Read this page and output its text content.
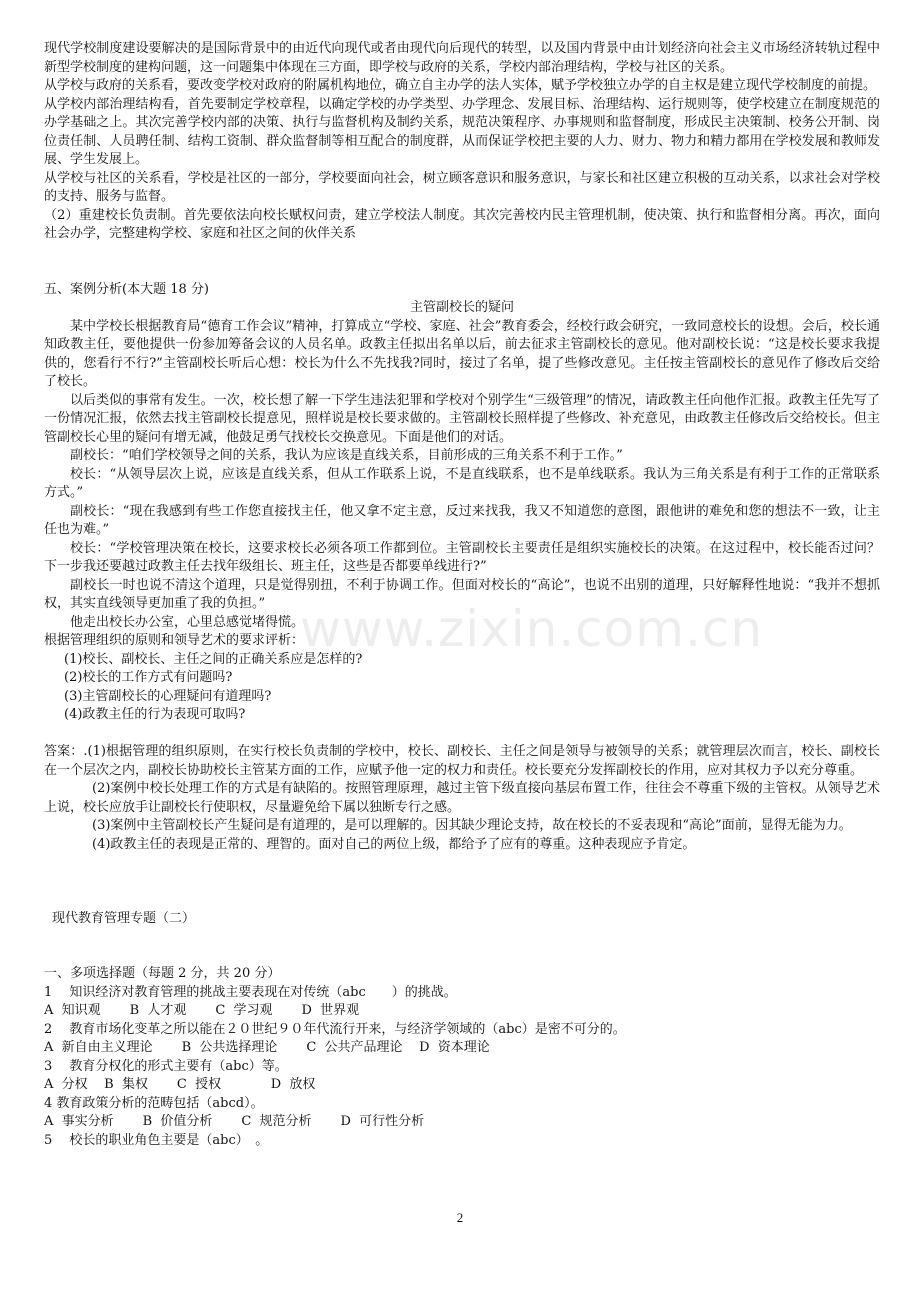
现代学校制度建设要解决的是国际背景中的由近代向现代或者由现代向后现代的转型，以及国内背景中由计划经济向社会主义市场经济转轨过程中新型学校制度的建构问题，这一问题集中体现在三方面，即学校与政府的关系，学校内部治理结构，学校与社区的关系。

从学校与政府的关系看，要改变学校对政府的附属机构地位，确立自主办学的法人实体，赋予学校独立办学的自主权是建立现代学校制度的前提。

从学校内部治理结构看，首先要制定学校章程，以确定学校的办学类型、办学理念、发展目标、治理结构、运行规则等，使学校建立在制度规范的办学基础之上。其次完善学校内部的决策、执行与监督机构及制约关系，规范决策程序、办事规则和监督制度，形成民主决策制、校务公开制、岗位责任制、人员聘任制、结构工资制、群众监督制等相互配合的制度群，从而保证学校把主要的人力、财力、物力和精力都用在学校发展和教师发展、学生发展上。

从学校与社区的关系看，学校是社区的一部分，学校要面向社会，树立顾客意识和服务意识，与家长和社区建立积极的互动关系，以求社会对学校的支持、服务与监督。

（2）重建校长负责制。首先要依法向校长赋权问责，建立学校法人制度。其次完善校内民主管理机制，使决策、执行和监督相分离。再次，面向社会办学，完整建构学校、家庭和社区之间的伙伴关系

五、案例分析(本大题 18 分)

主管副校长的疑问

某中学校长根据教育局“德育工作会议”精神，打算成立“学校、家庭、社会”教育委会，经校行政会研究，一致同意校长的设想。会后，校长通知政教主任，要他提供一份参加筹备会议的人员名单。政教主任拟出名单以后，前去征求主管副校长的意见。他对副校长说：“这是校长要求我提供的，您看行不行?”主管副校长听后心想：校长为什么不先找我?同时，接过了名单，提了些修改意见。主任按主管副校长的意见作了修改后交给了校长。

以后类似的事常有发生。一次，校长想了解一下学生违法犯罪和学校对个别学生“三级管理”的情况，请政教主任向他作汇报。政教主任先写了一份情况汇报，依然去找主管副校长提意见，照样说是校长要求做的。主管副校长照样提了些修改、补充意见，由政教主任修改后交给校长。但主管副校长心里的疑问有增无减，他鼓足勇气找校长交换意见。下面是他们的对话。

副校长：“咱们学校领导之间的关系，我认为应该是直线关系，目前形成的三角关系不利于工作。”

校长：“从领导层次上说，应该是直线关系，但从工作联系上说，不是直线联系，也不是单线联系。我认为三角关系是有利于工作的正常联系方式。”

副校长：“现在我感到有些工作您直接找主任，他又拿不定主意，反过来找我，我又不知道您的意图，跟他讲的难免和您的想法不一致，让主任也为难。”

校长：“学校管理决策在校长，这要求校长必须各项工作都到位。主管副校长主要责任是组织实施校长的决策。在这过程中，校长能否过问？下一步我还要越过政教主任去找年级组长、班主任，这些是否都要单线进行?”

副校长一时也说不清这个道理，只是觉得别扭，不利于协调工作。但面对校长的“高论”，也说不出别的道理，只好解释性地说：“我并不想抓权，其实直线领导更加重了我的负担。”

他走出校长办公室，心里总感觉堵得慌。

根据管理组织的原则和领导艺术的要求评析：

(1)校长、副校长、主任之间的正确关系应是怎样的?

(2)校长的工作方式有问题吗?

(3)主管副校长的心理疑问有道理吗?

(4)政教主任的行为表现可取吗?

答案：.(1)根据管理的组织原则，在实行校长负责制的学校中，校长、副校长、主任之间是领导与被领导的关系；就管理层次而言，校长、副校长在一个层次之内，副校长协助校长主管某方面的工作，应赋予他一定的权力和责任。校长要充分发挥副校长的作用，应对其权力予以充分尊重。

(2)案例中校长处理工作的方式是有缺陷的。按照管理原理，越过主管下级直接向基层布置工作，往往会不尊重下级的主管权。从领导艺术上说，校长应放手让副校长行使职权，尽量避免给下属以独断专行之感。

(3)案例中主管副校长产生疑问是有道理的，是可以理解的。因其缺少理论支持，故在校长的不妥表现和“高论”面前，显得无能为力。

(4)政教主任的表现是正常的、理智的。面对自己的两位上级，都给予了应有的尊重。这种表现应予肯定。

现代教育管理专题（二）

一、多项选择题（每题 2 分，共 20 分）

1　 知识经济对教育管理的挑战主要表现在对传统（abc　　）的挑战。

A  知识观       B  人才观       C  学习观       D  世界观

2　 教育市场化变革之所以能在２０世纪９０年代流行开来，与经济学领域的（abc）是密不可分的。

A  新自由主义理论       B  公共选择理论       C  公共产品理论    D  资本理论

3　 教育分权化的形式主要有（abc）等。

A  分权    B  集权       C  授权            D  放权

4 教育政策分析的范畴包括（abcd）。

A  事实分析       B  价值分析       C  规范分析       D  可行性分析

5　 校长的职业角色主要是（abc）　。

www.zixin.com.cn
2
